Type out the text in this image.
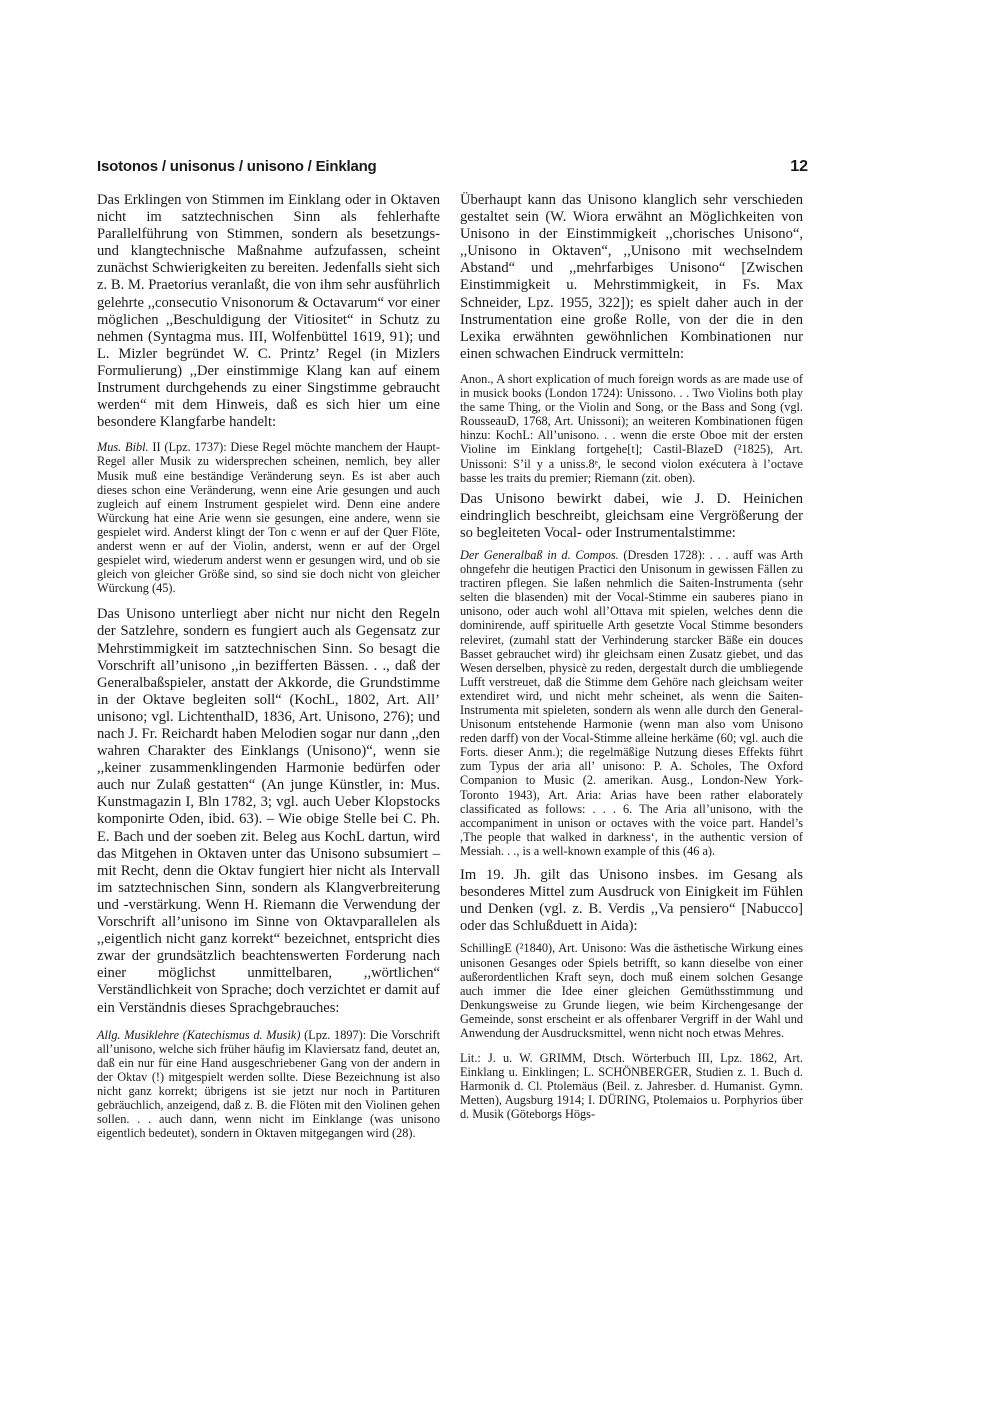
Isotonos / unisonus / unisono / Einklang	12

Das Erklingen von Stimmen im Einklang oder in Oktaven nicht im satztechnischen Sinn als fehlerhafte Parallelführung von Stimmen, sondern als besetzungs- und klangtechnische Maßnahme aufzufassen, scheint zunächst Schwierigkeiten zu bereiten. Jedenfalls sieht sich z. B. M. Praetorius veranlaßt, die von ihm sehr ausführlich gelehrte ,,consecutio Vnisonorum & Octavarum“ vor einer möglichen ,,Beschuldigung der Vitiositet“ in Schutz zu nehmen (Syntagma mus. III, Wolfenbüttel 1619, 91); und L. Mizler begründet W. C. Printz’ Regel (in Mizlers Formulierung) ,,Der einstimmige Klang kan auf einem Instrument durchgehends zu einer Singstimme gebraucht werden“ mit dem Hinweis, daß es sich hier um eine besondere Klangfarbe handelt:

Mus. Bibl. II (Lpz. 1737): Diese Regel möchte manchem der Haupt-Regel aller Musik zu widersprechen scheinen, nemlich, bey aller Musik muß eine beständige Veränderung seyn. Es ist aber auch dieses schon eine Veränderung, wenn eine Arie gesungen und auch zugleich auf einem Instrument gespielet wird. Denn eine andere Würckung hat eine Arie wenn sie gesungen, eine andere, wenn sie gespielet wird. Anderst klingt der Ton c wenn er auf der Quer Flöte, anderst wenn er auf der Violin, anderst, wenn er auf der Orgel gespielet wird, wiederum anderst wenn er gesungen wird, und ob sie gleich von gleicher Größe sind, so sind sie doch nicht von gleicher Würckung (45).

Das Unisono unterliegt aber nicht nur nicht den Regeln der Satzlehre, sondern es fungiert auch als Gegensatz zur Mehrstimmigkeit im satztechnischen Sinn. So besagt die Vorschrift all’unisono ,,in bezifferten Bässen. . ., daß der Generalbaßspieler, anstatt der Akkorde, die Grundstimme in der Oktave begleiten soll“ (KochL, 1802, Art. All’ unisono; vgl. LichtenthalD, 1836, Art. Unisono, 276); und nach J. Fr. Reichardt haben Melodien sogar nur dann ,,den wahren Charakter des Einklangs (Unisono)“, wenn sie ,,keiner zusammenklingenden Harmonie bedürfen oder auch nur Zulaß gestatten“ (An junge Künstler, in: Mus. Kunstmagazin I, Bln 1782, 3; vgl. auch Ueber Klopstocks komponirte Oden, ibid. 63). – Wie obige Stelle bei C. Ph. E. Bach und der soeben zit. Beleg aus KochL dartun, wird das Mitgehen in Oktaven unter das Unisono subsumiert – mit Recht, denn die Oktav fungiert hier nicht als Intervall im satztechnischen Sinn, sondern als Klangverbreiterung und -verstärkung. Wenn H. Riemann die Verwendung der Vorschrift all’unisono im Sinne von Oktavparallelen als ,,eigentlich nicht ganz korrekt“ bezeichnet, entspricht dies zwar der grundsätzlich beachtenswerten Forderung nach einer möglichst unmittelbaren, ,,wörtlichen“ Verständlichkeit von Sprache; doch verzichtet er damit auf ein Verständnis dieses Sprachgebrauches:

Allg. Musiklehre (Katechismus d. Musik) (Lpz. 1897): Die Vorschrift all’unisono, welche sich früher häufig im Klaviersatz fand, deutet an, daß ein nur für eine Hand ausgeschriebener Gang von der andern in der Oktav (!) mitgespielt werden sollte. Diese Bezeichnung ist also nicht ganz korrekt; übrigens ist sie jetzt nur noch in Partituren gebräuchlich, anzeigend, daß z. B. die Flöten mit den Violinen gehen sollen. . . auch dann, wenn nicht im Einklange (was unisono eigentlich bedeutet), sondern in Oktaven mitgegangen wird (28).

Überhaupt kann das Unisono klanglich sehr verschieden gestaltet sein (W. Wiora erwähnt an Möglichkeiten von Unisono in der Einstimmigkeit ,,chorisches Unisono“, ,,Unisono in Oktaven“, ,,Unisono mit wechselndem Abstand“ und ,,mehrfarbiges Unisono“ [Zwischen Einstimmigkeit u. Mehrstimmigkeit, in Fs. Max Schneider, Lpz. 1955, 322]); es spielt daher auch in der Instrumentation eine große Rolle, von der die in den Lexika erwähnten gewöhnlichen Kombinationen nur einen schwachen Eindruck vermitteln:

Anon., A short explication of much foreign words as are made use of in musick books (London 1724): Unissono. . . Two Violins both play the same Thing, or the Violin and Song, or the Bass and Song (vgl. RousseauD, 1768, Art. Unissoni); an weiteren Kombinationen fügen hinzu: KochL: All’unisono. . . wenn die erste Oboe mit der ersten Violine im Einklang fortgehe[t]; Castil-BlazeD (²1825), Art. Unissoni: S’il y a uniss.8ᵉ, le second violon exécutera à l’octave basse les traits du premier; Riemann (zit. oben).

Das Unisono bewirkt dabei, wie J. D. Heinichen eindringlich beschreibt, gleichsam eine Vergrößerung der so begleiteten Vocal- oder Instrumentalstimme:

Der Generalbaß in d. Compos. (Dresden 1728): . . . auff was Arth ohngefehr die heutigen Practici den Unisonum in gewissen Fällen zu tractiren pflegen. Sie laßen nehmlich die Saiten-Instrumenta (sehr selten die blasenden) mit der Vocal-Stimme ein sauberes piano in unisono, oder auch wohl all’Ottava mit spielen, welches denn die dominirende, auff spirituelle Arth gesetzte Vocal Stimme besonders releviret, (zumahl statt der Verhinderung starcker Bäße ein douces Basset gebrauchet wird) ihr gleichsam einen Zusatz giebet, und das Wesen derselben, physicè zu reden, dergestalt durch die umbliegende Lufft verstreuet, daß die Stimme dem Gehöre nach gleichsam weiter extendiret wird, und nicht mehr scheinet, als wenn die Saiten-Instrumenta mit spieleten, sondern als wenn alle durch den General-Unisonum entstehende Harmonie (wenn man also vom Unisono reden darff) von der Vocal-Stimme alleine herkäme (60; vgl. auch die Forts. dieser Anm.); die regelmäßige Nutzung dieses Effekts führt zum Typus der aria all’ unisono: P. A. Scholes, The Oxford Companion to Music (2. amerikan. Ausg., London-New York-Toronto 1943), Art. Aria: Arias have been rather elaborately classificated as follows: . . . 6. The Aria all’unisono, with the accompaniment in unison or octaves with the voice part. Handel’s ,The people that walked in darkness‘, in the authentic version of Messiah. . ., is a well-known example of this (46 a).

Im 19. Jh. gilt das Unisono insbes. im Gesang als besonderes Mittel zum Ausdruck von Einigkeit im Fühlen und Denken (vgl. z. B. Verdis ,,Va pensiero“ [Nabucco] oder das Schlußduett in Aida):

SchillingE (²1840), Art. Unisono: Was die ästhetische Wirkung eines unisonen Gesanges oder Spiels betrifft, so kann dieselbe von einer außerordentlichen Kraft seyn, doch muß einem solchen Gesange auch immer die Idee einer gleichen Gemüthsstimmung und Denkungsweise zu Grunde liegen, wie beim Kirchengesange der Gemeinde, sonst erscheint er als offenbarer Vergriff in der Wahl und Anwendung der Ausdrucksmittel, wenn nicht noch etwas Mehres.

Lit.: J. u. W. GRIMM, Dtsch. Wörterbuch III, Lpz. 1862, Art. Einklang u. Einklingen; L. SCHÖNBERGER, Studien z. 1. Buch d. Harmonik d. Cl. Ptolemäus (Beil. z. Jahresber. d. Humanist. Gymn. Metten), Augsburg 1914; I. DÜRING, Ptolemaios u. Porphyrios über d. Musik (Göteborgs Högs-
